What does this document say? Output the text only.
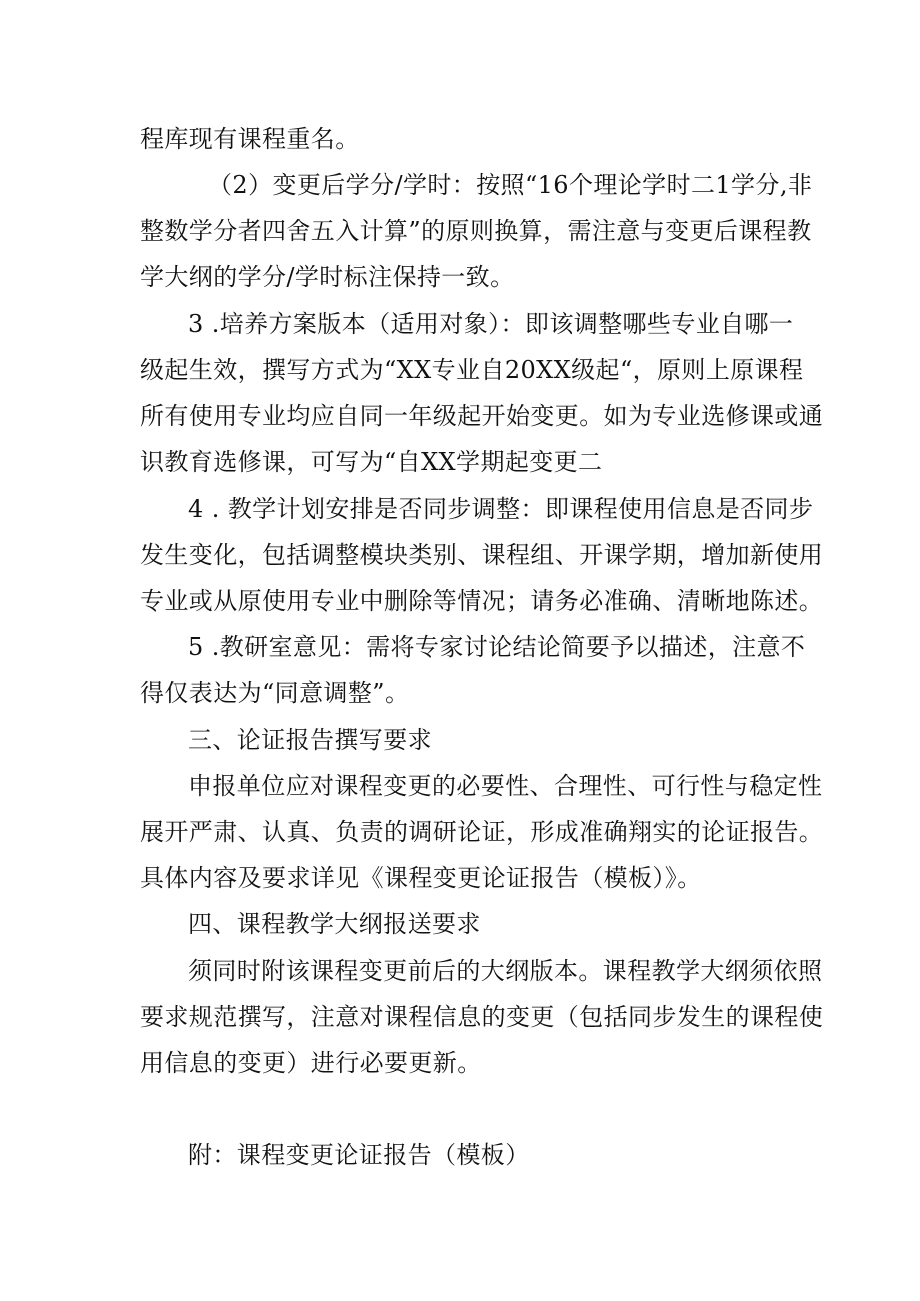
程库现有课程重名。
（2）变更后学分/学时：按照“16个理论学时二1学分,非
整数学分者四舍五入计算”的原则换算，需注意与变更后课程教
学大纲的学分/学时标注保持一致。
3 .培养方案版本（适用对象）：即该调整哪些专业自哪一
级起生效，撰写方式为“XX专业自20XX级起“，原则上原课程
所有使用专业均应自同一年级起开始变更。如为专业选修课或通
识教育选修课，可写为“自XX学期起变更二
4 . 教学计划安排是否同步调整：即课程使用信息是否同步
发生变化，包括调整模块类别、课程组、开课学期，增加新使用
专业或从原使用专业中删除等情况；请务必准确、清晰地陈述。
5 .教研室意见：需将专家讨论结论简要予以描述，注意不
得仅表达为“同意调整”。
三、论证报告撰写要求
申报单位应对课程变更的必要性、合理性、可行性与稳定性
展开严肃、认真、负责的调研论证，形成准确翔实的论证报告。
具体内容及要求详见《课程变更论证报告（模板）》。
四、课程教学大纲报送要求
须同时附该课程变更前后的大纲版本。课程教学大纲须依照
要求规范撰写，注意对课程信息的变更（包括同步发生的课程使
用信息的变更）进行必要更新。
附：课程变更论证报告（模板）
